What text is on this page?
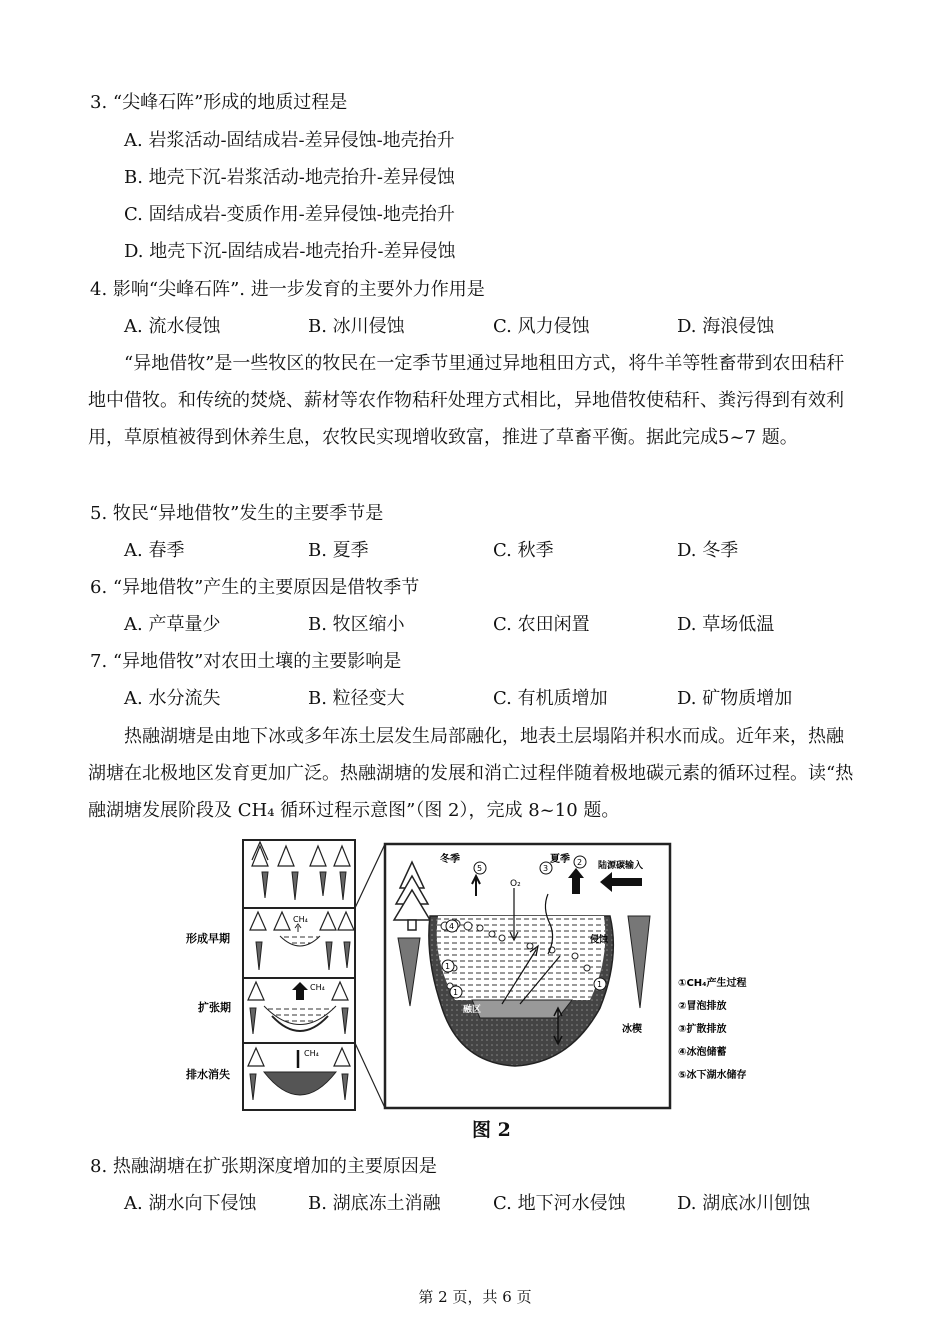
3. “尖峰石阵”形成的地质过程是
A. 岩浆活动-固结成岩-差异侵蚀-地壳抬升
B. 地壳下沉-岩浆活动-地壳抬升-差异侵蚀
C. 固结成岩-变质作用-差异侵蚀-地壳抬升
D. 地壳下沉-固结成岩-地壳抬升-差异侵蚀
4. 影响“尖峰石阵”. 进一步发育的主要外力作用是
A. 流水侵蚀	B. 冰川侵蚀	C. 风力侵蚀	D. 海浪侵蚀

“异地借牧”是一些牧区的牧民在一定季节里通过异地租田方式，将牛羊等牲畜带到农田秸秆地中借牧。和传统的焚烧、薪材等农作物秸秆处理方式相比，异地借牧使秸秆、粪污得到有效利用，草原植被得到休养生息，农牧民实现增收致富，推进了草畜平衡。据此完成5~7 题。

5. 牧民“异地借牧”发生的主要季节是
A. 春季	B. 夏季	C. 秋季	D. 冬季
6. “异地借牧”产生的主要原因是借牧季节
A. 产草量少	B. 牧区缩小	C. 农田闲置	D. 草场低温
7. “异地借牧”对农田土壤的主要影响是
A. 水分流失	B. 粒径变大	C. 有机质增加	D. 矿物质增加

热融湖塘是由地下冰或多年冻土层发生局部融化，地表土层塌陷并积水而成。近年来，热融湖塘在北极地区发育更加广泛。热融湖塘的发展和消亡过程伴随着极地碳元素的循环过程。读“热融湖塘发展阶段及 CH₄ 循环过程示意图”（图 2），完成 8~10 题。

CH₄
CH₄
CH₄
形成早期
扩张期
排水消失
5	3
2
4
1
1
1
冬季	夏季
O₂
陆源碳输入
侵蚀
融区
冰楔
①CH₄产生过程
②冒泡排放
③扩散排放
④冰泡储蓄
⑤冰下湖水储存
图 2
8. 热融湖塘在扩张期深度增加的主要原因是
A. 湖水向下侵蚀	B. 湖底冻土消融	C. 地下河水侵蚀	D. 湖底冰川刨蚀
第 2 页，共 6 页
